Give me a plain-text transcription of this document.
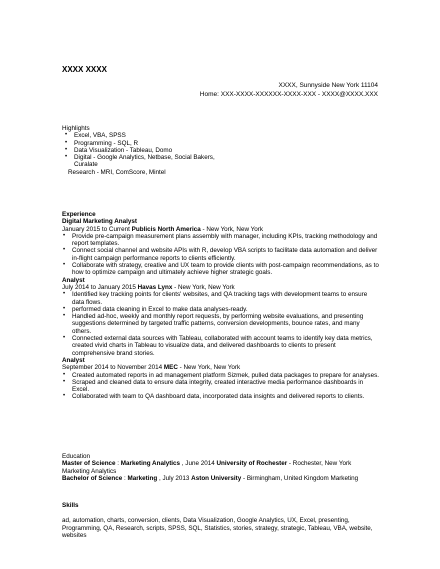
XXXX XXXX
XXXX, Sunnyside New York 11104
Home: XXX-XXXX-XXXXXX-XXXX-XXX - XXXX@XXXX.XXX
Highlights
• Excel, VBA, SPSS
• Programming - SQL, R
• Data Visualization - Tableau, Domo
• Digital - Google Analytics, Netbase, Social Bakers,
Curalate
Research - MRI, ComScore, Mintel
Experience
Digital Marketing Analyst
January 2015 to Current Publicis North America - New York, New York
• Provide pre-campaign measurement plans assembly with manager, including KPIs, tracking methodology and report templates.
• Connect social channel and website APIs with R, develop VBA scripts to facilitate data automation and deliver in-flight campaign performance reports to clients efficiently.
• Collaborate with strategy, creative and UX team to provide clients with post-campaign recommendations, as to how to optimize campaign and ultimately achieve higher strategic goals.
Analyst
July 2014 to January 2015 Havas Lynx - New York, New York
• Identified key tracking points for clients' websites, and QA tracking tags with development teams to ensure data flows.
• performed data cleaning in Excel to make data analyses-ready.
• Handled ad-hoc, weekly and monthly report requests, by performing website evaluations, and presenting suggestions determined by targeted traffic patterns, conversion developments, bounce rates, and many others.
• Connected external data sources with Tableau, collaborated with account teams to identify key data metrics, created vivid charts in Tableau to visualize data, and delivered dashboards to clients to present comprehensive brand stories.
Analyst
September 2014 to November 2014 MEC - New York, New York
• Created automated reports in ad management platform Sizmek, pulled data packages to prepare for analyses.
• Scraped and cleaned data to ensure data integrity, created interactive media performance dashboards in Excel.
• Collaborated with team to QA dashboard data, incorporated data insights and delivered reports to clients.
Education

Master of Science : Marketing Analytics , June 2014 University of Rochester - Rochester, New York Marketing Analytics

Bachelor of Science : Marketing , July 2013 Aston University - Birmingham, United Kingdom Marketing

Skills

ad, automation, charts, conversion, clients, Data Visualization, Google Analytics, UX, Excel, presenting, Programming, QA, Research, scripts, SPSS, SQL, Statistics, stories, strategy, strategic, Tableau, VBA, website, websites
